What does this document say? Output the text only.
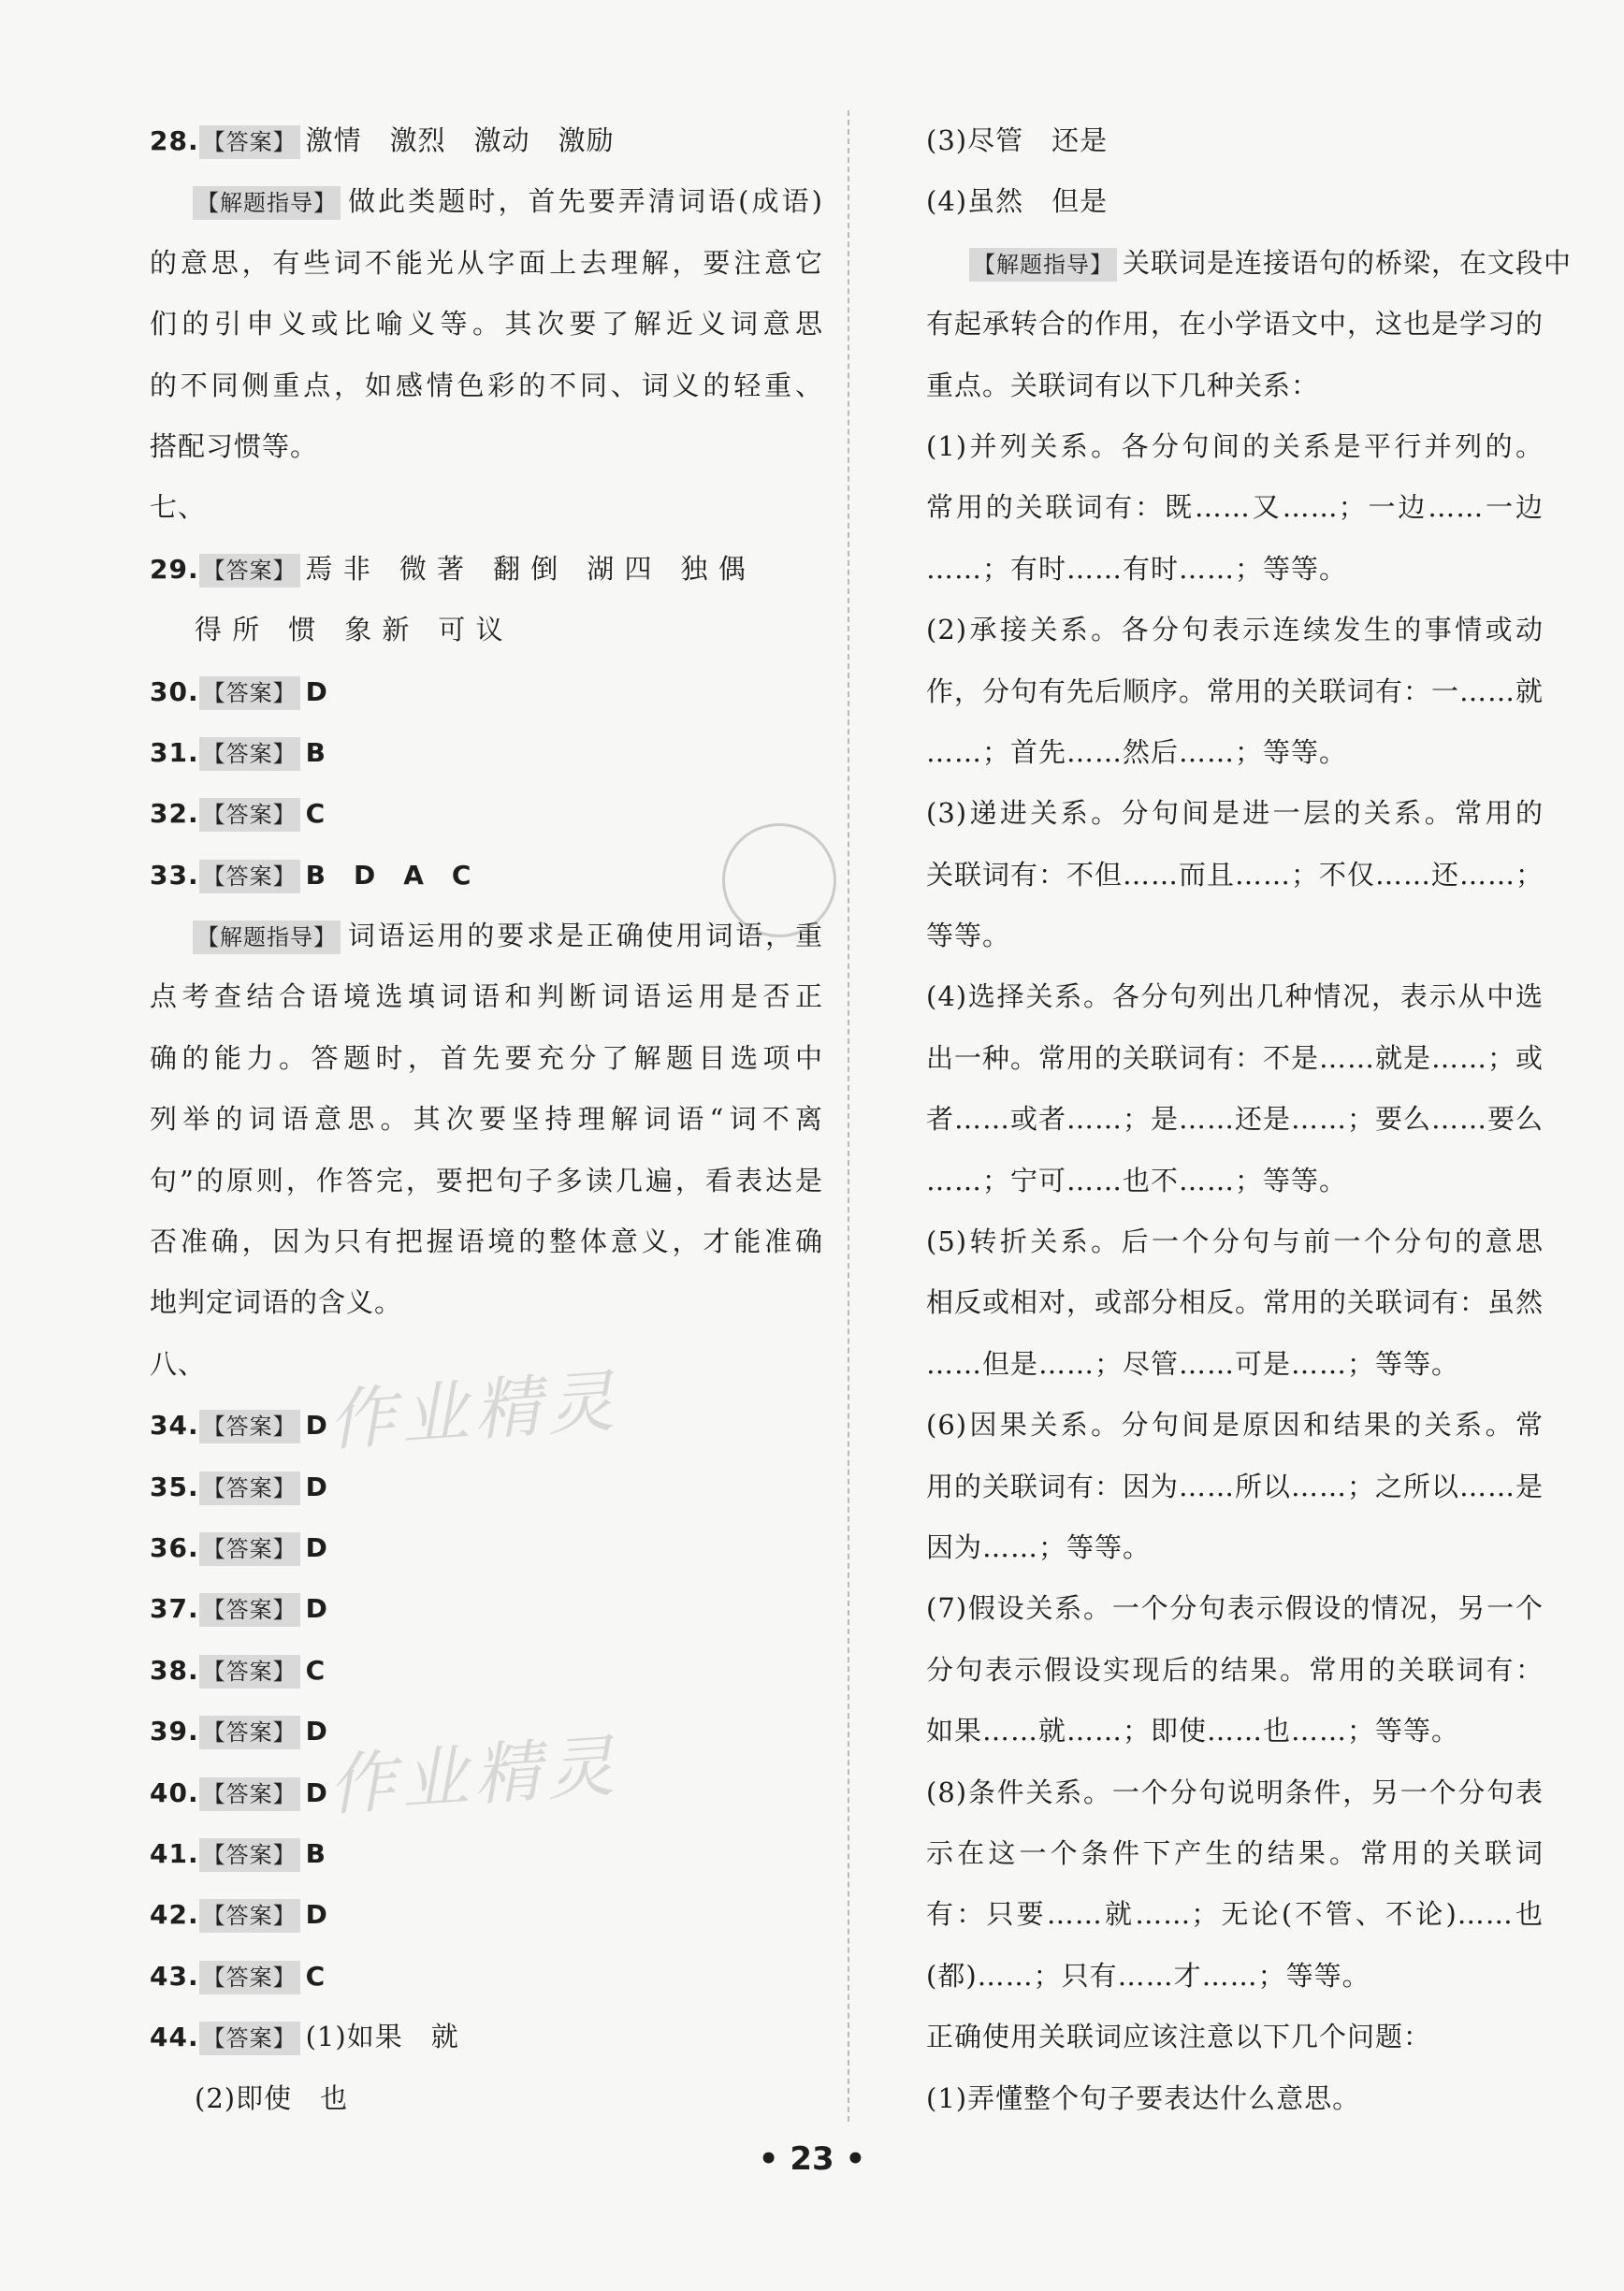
28. 【答案】 激情　激烈　激动　激励
【解题指导】 做此类题时，首先要弄清词语(成语)
的意思，有些词不能光从字面上去理解，要注意它
们的引申义或比喻义等。其次要了解近义词意思
的不同侧重点，如感情色彩的不同、词义的轻重、
搭配习惯等。
七、
29. 【答案】 焉 非　微 著　翻 倒　湖 四　独 偶
得 所　惯　象 新　可 议
30. 【答案】 D
31. 【答案】 B
32. 【答案】 C
33. 【答案】 B　D　A　C
【解题指导】 词语运用的要求是正确使用词语，重
点考查结合语境选填词语和判断词语运用是否正
确的能力。答题时，首先要充分了解题目选项中
列举的词语意思。其次要坚持理解词语“词不离
句”的原则，作答完，要把句子多读几遍，看表达是
否准确，因为只有把握语境的整体意义，才能准确
地判定词语的含义。
八、
34. 【答案】 D
35. 【答案】 D
36. 【答案】 D
37. 【答案】 D
38. 【答案】 C
39. 【答案】 D
40. 【答案】 D
41. 【答案】 B
42. 【答案】 D
43. 【答案】 C
44. 【答案】 (1)如果　就
(2)即使　也
(3)尽管　还是
(4)虽然　但是
【解题指导】 关联词是连接语句的桥梁，在文段中
有起承转合的作用，在小学语文中，这也是学习的
重点。关联词有以下几种关系：
(1)并列关系。各分句间的关系是平行并列的。
常用的关联词有：既……又……；一边……一边
……；有时……有时……；等等。
(2)承接关系。各分句表示连续发生的事情或动
作，分句有先后顺序。常用的关联词有：一……就
……；首先……然后……；等等。
(3)递进关系。分句间是进一层的关系。常用的
关联词有：不但……而且……；不仅……还……；
等等。
(4)选择关系。各分句列出几种情况，表示从中选
出一种。常用的关联词有：不是……就是……；或
者……或者……；是……还是……；要么……要么
……；宁可……也不……；等等。
(5)转折关系。后一个分句与前一个分句的意思
相反或相对，或部分相反。常用的关联词有：虽然
……但是……；尽管……可是……；等等。
(6)因果关系。分句间是原因和结果的关系。常
用的关联词有：因为……所以……；之所以……是
因为……；等等。
(7)假设关系。一个分句表示假设的情况，另一个
分句表示假设实现后的结果。常用的关联词有：
如果……就……；即使……也……；等等。
(8)条件关系。一个分句说明条件，另一个分句表
示在这一个条件下产生的结果。常用的关联词
有：只要……就……；无论(不管、不论)……也
(都)……；只有……才……；等等。
正确使用关联词应该注意以下几个问题：
(1)弄懂整个句子要表达什么意思。
作业精灵
作业精灵
• 23 •
